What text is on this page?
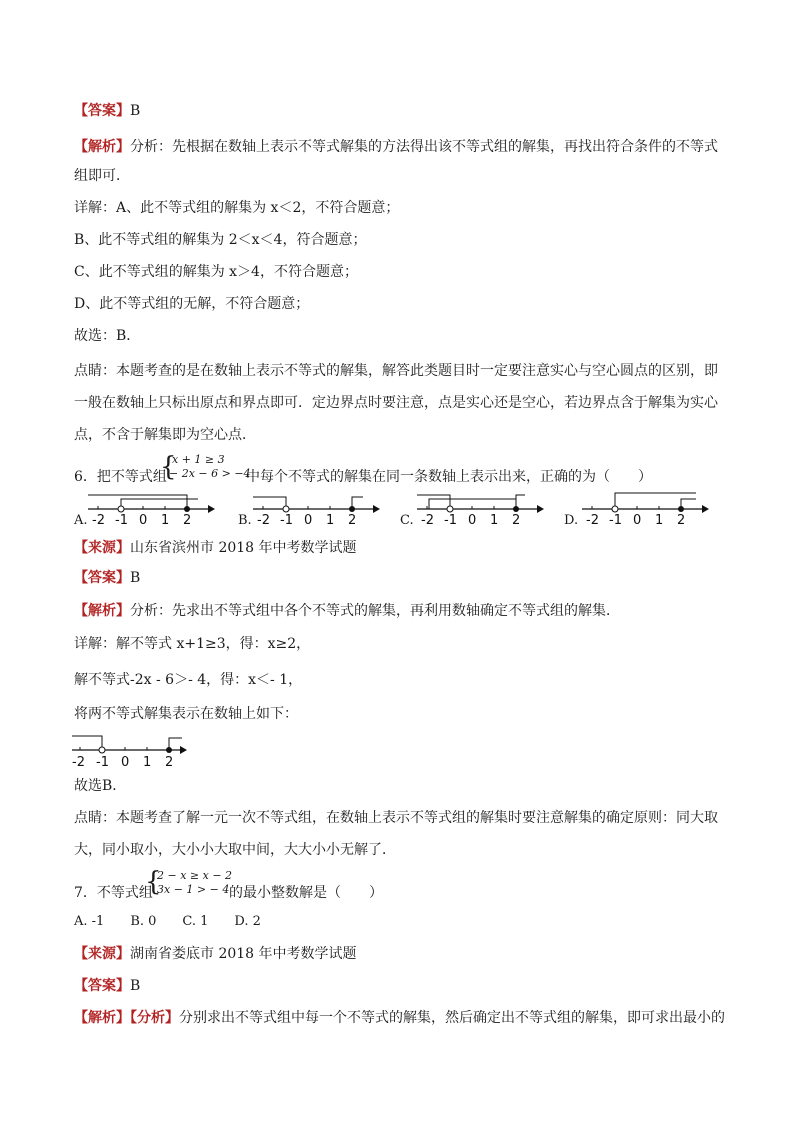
【答案】B
【解析】分析：先根据在数轴上表示不等式解集的方法得出该不等式组的解集，再找出符合条件的不等式
组即可．
详解：A、此不等式组的解集为 x＜2，不符合题意；
B、此不等式组的解集为 2＜x＜4，符合题意；
C、此不等式组的解集为 x＞4，不符合题意；
D、此不等式组的无解，不符合题意；
故选：B．
点睛：本题考查的是在数轴上表示不等式的解集，解答此类题目时一定要注意实心与空心圆点的区别，即
一般在数轴上只标出原点和界点即可．定边界点时要注意，点是实心还是空心，若边界点含于解集为实心
点，不含于解集即为空心点．
6．把不等式组
{
x + 1 ≥ 3
− 2x − 6 > −4
中每个不等式的解集在同一条数轴上表示出来，正确的为（　　）
A. -2 -1 0 1 2	B. -2 -1 0 1 2	C. -2 -1 0 1 2	D. -2 -1 0 1 2
【来源】山东省滨州市 2018 年中考数学试题
【答案】B
【解析】分析：先求出不等式组中各个不等式的解集，再利用数轴确定不等式组的解集．
详解：解不等式 x+1≥3，得：x≥2，
解不等式-2x - 6＞- 4，得：x＜- 1，
将两不等式解集表示在数轴上如下：
-2 -1 0 1 2
故选B．
点睛：本题考查了解一元一次不等式组，在数轴上表示不等式组的解集时要注意解集的确定原则：同大取
大，同小取小，大小小大取中间，大大小小无解了．
7．不等式组
{
2 − x ≥ x − 2
3x − 1 > − 4 的最小整数解是（　　）
A. -1　　B. 0　　C. 1　　D. 2
【来源】湖南省娄底市 2018 年中考数学试题
【答案】B
【解析】【分析】分别求出不等式组中每一个不等式的解集，然后确定出不等式组的解集，即可求出最小的
